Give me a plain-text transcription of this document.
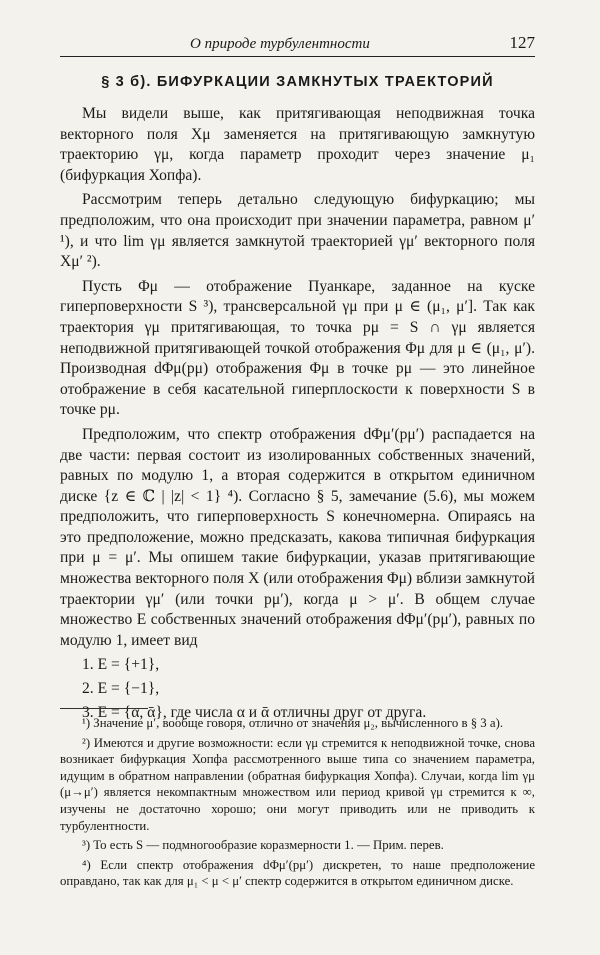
О природе турбулентности	127
§ 3 б). БИФУРКАЦИИ ЗАМКНУТЫХ ТРАЕКТОРИЙ

Мы видели выше, как притягивающая неподвижная точка векторного поля Xμ заменяется на притягивающую замкнутую траекторию γμ, когда параметр проходит через значение μ₁ (бифуркация Хопфа).

Рассмотрим теперь детально следующую бифуркацию; мы предположим, что она происходит при значении параметра, равном μ′ ¹), и что lim γμ является замкнутой траекторией γμ′ векторного поля Xμ′ ²).

Пусть Φμ — отображение Пуанкаре, заданное на куске гиперповерхности S ³), трансверсальной γμ при μ ∈ (μ₁, μ′]. Так как траектория γμ притягивающая, то точка pμ = S ∩ γμ является неподвижной притягивающей точкой отображения Φμ для μ ∈ (μ₁, μ′). Производная dΦμ(pμ) отображения Φμ в точке pμ — это линейное отображение в себя касательной гиперплоскости к поверхности S в точке pμ.

Предположим, что спектр отображения dΦμ′(pμ′) распадается на две части: первая состоит из изолированных собственных значений, равных по модулю 1, а вторая содержится в открытом единичном диске {z ∈ ℂ | |z| < 1} ⁴). Согласно § 5, замечание (5.6), мы можем предположить, что гиперповерхность S конечномерна. Опираясь на это предположение, можно предсказать, какова типичная бифуркация при μ = μ′. Мы опишем такие бифуркации, указав притягивающие множества векторного поля X (или отображения Φμ) вблизи замкнутой траектории γμ′ (или точки pμ′), когда μ > μ′. В общем случае множество E собственных значений отображения dΦμ′(pμ′), равных по модулю 1, имеет вид

1. E = {+1},
2. E = {−1},
3. E = {α, ᾱ}, где числа α и ᾱ отличны друг от друга.

¹) Значение μ′, вообще говоря, отлично от значения μ₂, вычисленного в § 3 а).

²) Имеются и другие возможности: если γμ стремится к неподвижной точке, снова возникает бифуркация Хопфа рассмотренного выше типа со значением параметра, идущим в обратном направлении (обратная бифуркация Хопфа). Случаи, когда lim γμ (μ→μ′) является некомпактным множеством или период кривой γμ стремится к ∞, изучены не достаточно хорошо; они могут приводить или не приводить к турбулентности.

³) То есть S — подмногообразие коразмерности 1. — Прим. перев.

⁴) Если спектр отображения dΦμ′(pμ′) дискретен, то наше предположение оправдано, так как для μ₁ < μ < μ′ спектр содержится в открытом единичном диске.
